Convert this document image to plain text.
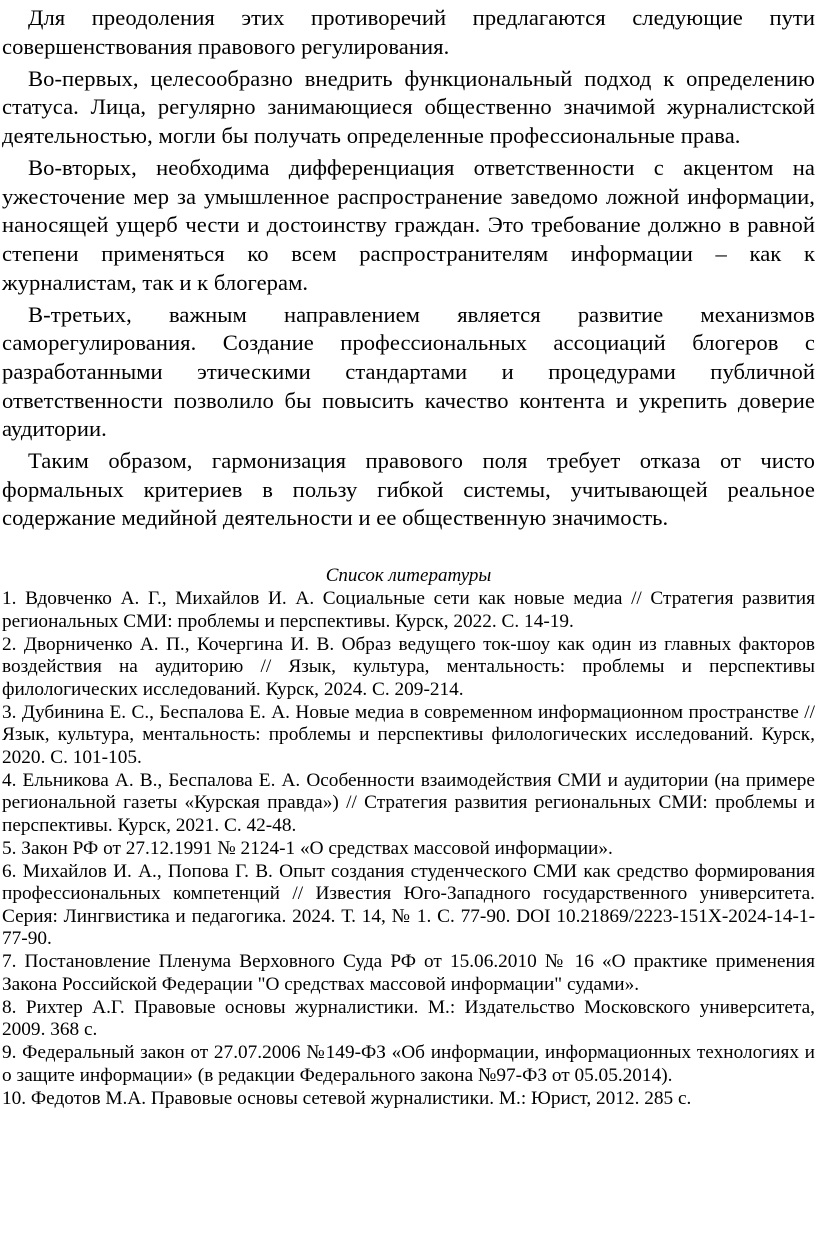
Для преодоления этих противоречий предлагаются следующие пути совершенствования правового регулирования.

Во-первых, целесообразно внедрить функциональный подход к определению статуса. Лица, регулярно занимающиеся общественно значимой журналистской деятельностью, могли бы получать определенные профессиональные права.

Во-вторых, необходима дифференциация ответственности с акцентом на ужесточение мер за умышленное распространение заведомо ложной информации, наносящей ущерб чести и достоинству граждан. Это требование должно в равной степени применяться ко всем распространителям информации – как к журналистам, так и к блогерам.

В-третьих, важным направлением является развитие механизмов саморегулирования. Создание профессиональных ассоциаций блогеров с разработанными этическими стандартами и процедурами публичной ответственности позволило бы повысить качество контента и укрепить доверие аудитории.

Таким образом, гармонизация правового поля требует отказа от чисто формальных критериев в пользу гибкой системы, учитывающей реальное содержание медийной деятельности и ее общественную значимость.

Список литературы

1. Вдовченко А. Г., Михайлов И. А. Социальные сети как новые медиа // Стратегия развития региональных СМИ: проблемы и перспективы. Курск, 2022. С. 14-19.

2. Дворниченко А. П., Кочергина И. В. Образ ведущего ток-шоу как один из главных факторов воздействия на аудиторию // Язык, культура, ментальность: проблемы и перспективы филологических исследований. Курск, 2024. С. 209-214.

3. Дубинина Е. С., Беспалова Е. А. Новые медиа в современном информационном пространстве // Язык, культура, ментальность: проблемы и перспективы филологических исследований. Курск, 2020. С. 101-105.

4. Ельникова А. В., Беспалова Е. А. Особенности взаимодействия СМИ и аудитории (на примере региональной газеты «Курская правда») // Стратегия развития региональных СМИ: проблемы и перспективы. Курск, 2021. С. 42-48.

5. Закон РФ от 27.12.1991 № 2124-1 «О средствах массовой информации».

6. Михайлов И. А., Попова Г. В. Опыт создания студенческого СМИ как средство формирования профессиональных компетенций // Известия Юго-Западного государственного университета. Серия: Лингвистика и педагогика. 2024. Т. 14, № 1. С. 77-90. DOI 10.21869/2223-151X-2024-14-1-77-90.

7. Постановление Пленума Верховного Суда РФ от 15.06.2010 № 16 «О практике применения Закона Российской Федерации "О средствах массовой информации" судами».

8. Рихтер А.Г. Правовые основы журналистики. М.: Издательство Московского университета, 2009. 368 с.

9. Федеральный закон от 27.07.2006 №149-ФЗ «Об информации, информационных технологиях и о защите информации» (в редакции Федерального закона №97-ФЗ от 05.05.2014).

10. Федотов М.А. Правовые основы сетевой журналистики. М.: Юрист, 2012. 285 с.
